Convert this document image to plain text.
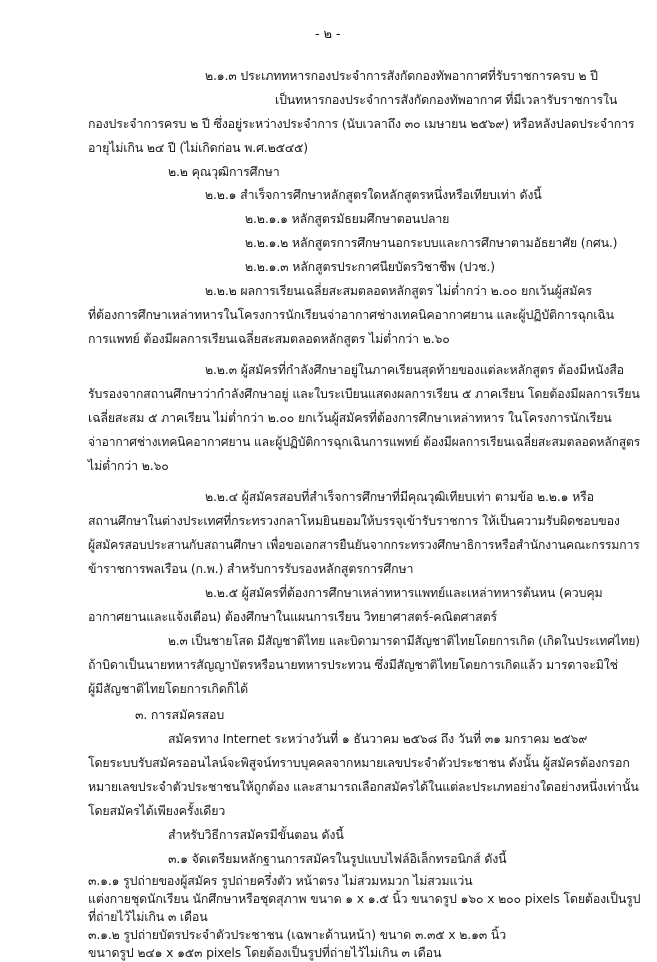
- ๒ -
๒.๑.๓ ประเภททหารกองประจำการสังกัดกองทัพอากาศที่รับราชการครบ ๒ ปี
เป็นทหารกองประจำการสังกัดกองทัพอากาศ ที่มีเวลารับราชการใน
กองประจำการครบ ๒ ปี ซึ่งอยู่ระหว่างประจำการ (นับเวลาถึง ๓๐ เมษายน ๒๕๖๙) หรือหลังปลดประจำการ
อายุไม่เกิน ๒๔ ปี (ไม่เกิดก่อน พ.ศ.๒๕๔๕)
๒.๒ คุณวุฒิการศึกษา
๒.๒.๑ สำเร็จการศึกษาหลักสูตรใดหลักสูตรหนึ่งหรือเทียบเท่า ดังนี้
๒.๒.๑.๑ หลักสูตรมัธยมศึกษาตอนปลาย
๒.๒.๑.๒ หลักสูตรการศึกษานอกระบบและการศึกษาตามอัธยาศัย (กศน.)
๒.๒.๑.๓ หลักสูตรประกาศนียบัตรวิชาชีพ (ปวช.)
๒.๒.๒ ผลการเรียนเฉลี่ยสะสมตลอดหลักสูตร ไม่ต่ำกว่า ๒.๐๐ ยกเว้นผู้สมัคร
ที่ต้องการศึกษาเหล่าทหารในโครงการนักเรียนจ่าอากาศช่างเทคนิคอากาศยาน และผู้ปฏิบัติการฉุกเฉิน
การแพทย์ ต้องมีผลการเรียนเฉลี่ยสะสมตลอดหลักสูตร ไม่ต่ำกว่า ๒.๖๐
๒.๒.๓ ผู้สมัครที่กำลังศึกษาอยู่ในภาคเรียนสุดท้ายของแต่ละหลักสูตร ต้องมีหนังสือ
รับรองจากสถานศึกษาว่ากำลังศึกษาอยู่ และใบระเบียนแสดงผลการเรียน ๕ ภาคเรียน โดยต้องมีผลการเรียน
เฉลี่ยสะสม ๕ ภาคเรียน ไม่ต่ำกว่า ๒.๐๐ ยกเว้นผู้สมัครที่ต้องการศึกษาเหล่าทหาร ในโครงการนักเรียน
จ่าอากาศช่างเทคนิคอากาศยาน และผู้ปฏิบัติการฉุกเฉินการแพทย์ ต้องมีผลการเรียนเฉลี่ยสะสมตลอดหลักสูตร
ไม่ต่ำกว่า ๒.๖๐
๒.๒.๔ ผู้สมัครสอบที่สำเร็จการศึกษาที่มีคุณวุฒิเทียบเท่า ตามข้อ ๒.๒.๑ หรือ
สถานศึกษาในต่างประเทศที่กระทรวงกลาโหมยินยอมให้บรรจุเข้ารับราชการ ให้เป็นความรับผิดชอบของ
ผู้สมัครสอบประสานกับสถานศึกษา เพื่อขอเอกสารยืนยันจากกระทรวงศึกษาธิการหรือสำนักงานคณะกรรมการ
ข้าราชการพลเรือน (ก.พ.) สำหรับการรับรองหลักสูตรการศึกษา
๒.๒.๕ ผู้สมัครที่ต้องการศึกษาเหล่าทหารแพทย์และเหล่าทหารต้นหน (ควบคุม
อากาศยานและแจ้งเตือน) ต้องศึกษาในแผนการเรียน วิทยาศาสตร์-คณิตศาสตร์
๒.๓ เป็นชายโสด มีสัญชาติไทย และบิดามารดามีสัญชาติไทยโดยการเกิด (เกิดในประเทศไทย)
ถ้าบิดาเป็นนายทหารสัญญาบัตรหรือนายทหารประทวน ซึ่งมีสัญชาติไทยโดยการเกิดแล้ว มารดาจะมิใช่
ผู้มีสัญชาติไทยโดยการเกิดก็ได้
๓. การสมัครสอบ
สมัครทาง Internet ระหว่างวันที่ ๑ ธันวาคม ๒๕๖๘ ถึง วันที่ ๓๑ มกราคม ๒๕๖๙
โดยระบบรับสมัครออนไลน์จะพิสูจน์ทราบบุคคลจากหมายเลขประจำตัวประชาชน ดังนั้น ผู้สมัครต้องกรอก
หมายเลขประจำตัวประชาชนให้ถูกต้อง และสามารถเลือกสมัครได้ในแต่ละประเภทอย่างใดอย่างหนึ่งเท่านั้น
โดยสมัครได้เพียงครั้งเดียว
สำหรับวิธีการสมัครมีขั้นตอน ดังนี้
๓.๑ จัดเตรียมหลักฐานการสมัครในรูปแบบไฟล์อิเล็กทรอนิกส์ ดังนี้
๓.๑.๑ รูปถ่ายของผู้สมัคร รูปถ่ายครึ่งตัว หน้าตรง ไม่สวมหมวก ไม่สวมแว่น
แต่งกายชุดนักเรียน นักศึกษาหรือชุดสุภาพ ขนาด ๑ x ๑.๕ นิ้ว ขนาดรูป ๑๖๐ x ๒๐๐ pixels โดยต้องเป็นรูป
ที่ถ่ายไว้ไม่เกิน ๓ เดือน
๓.๑.๒ รูปถ่ายบัตรประจำตัวประชาชน (เฉพาะด้านหน้า) ขนาด ๓.๓๕ x ๒.๑๓ นิ้ว
ขนาดรูป ๒๔๑ x ๑๕๓ pixels โดยต้องเป็นรูปที่ถ่ายไว้ไม่เกิน ๓ เดือน
